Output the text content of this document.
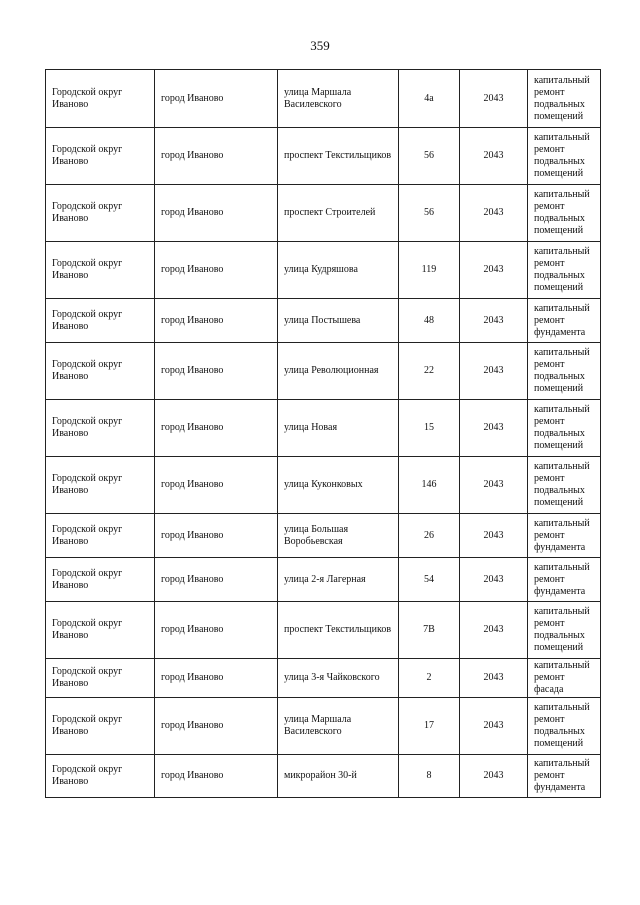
359
Городской округ Иваново	город Иваново	улица Маршала Василевского	4а	2043	капитальный ремонт подвальных помещений
Городской округ Иваново	город Иваново	проспект Текстильщиков	56	2043	капитальный ремонт подвальных помещений
Городской округ Иваново	город Иваново	проспект Строителей	56	2043	капитальный ремонт подвальных помещений
Городской округ Иваново	город Иваново	улица Кудряшова	119	2043	капитальный ремонт подвальных помещений
Городской округ Иваново	город Иваново	улица Постышева	48	2043	капитальный ремонт фундамента
Городской округ Иваново	город Иваново	улица Революционная	22	2043	капитальный ремонт подвальных помещений
Городской округ Иваново	город Иваново	улица Новая	15	2043	капитальный ремонт подвальных помещений
Городской округ Иваново	город Иваново	улица Куконковых	146	2043	капитальный ремонт подвальных помещений
Городской округ Иваново	город Иваново	улица Большая Воробьевская	26	2043	капитальный ремонт фундамента
Городской округ Иваново	город Иваново	улица 2-я Лагерная	54	2043	капитальный ремонт фундамента
Городской округ Иваново	город Иваново	проспект Текстильщиков	7В	2043	капитальный ремонт подвальных помещений
Городской округ Иваново	город Иваново	улица 3-я Чайковского	2	2043	капитальный ремонт фасада
Городской округ Иваново	город Иваново	улица Маршала Василевского	17	2043	капитальный ремонт подвальных помещений
Городской округ Иваново	город Иваново	микрорайон 30-й	8	2043	капитальный ремонт фундамента
